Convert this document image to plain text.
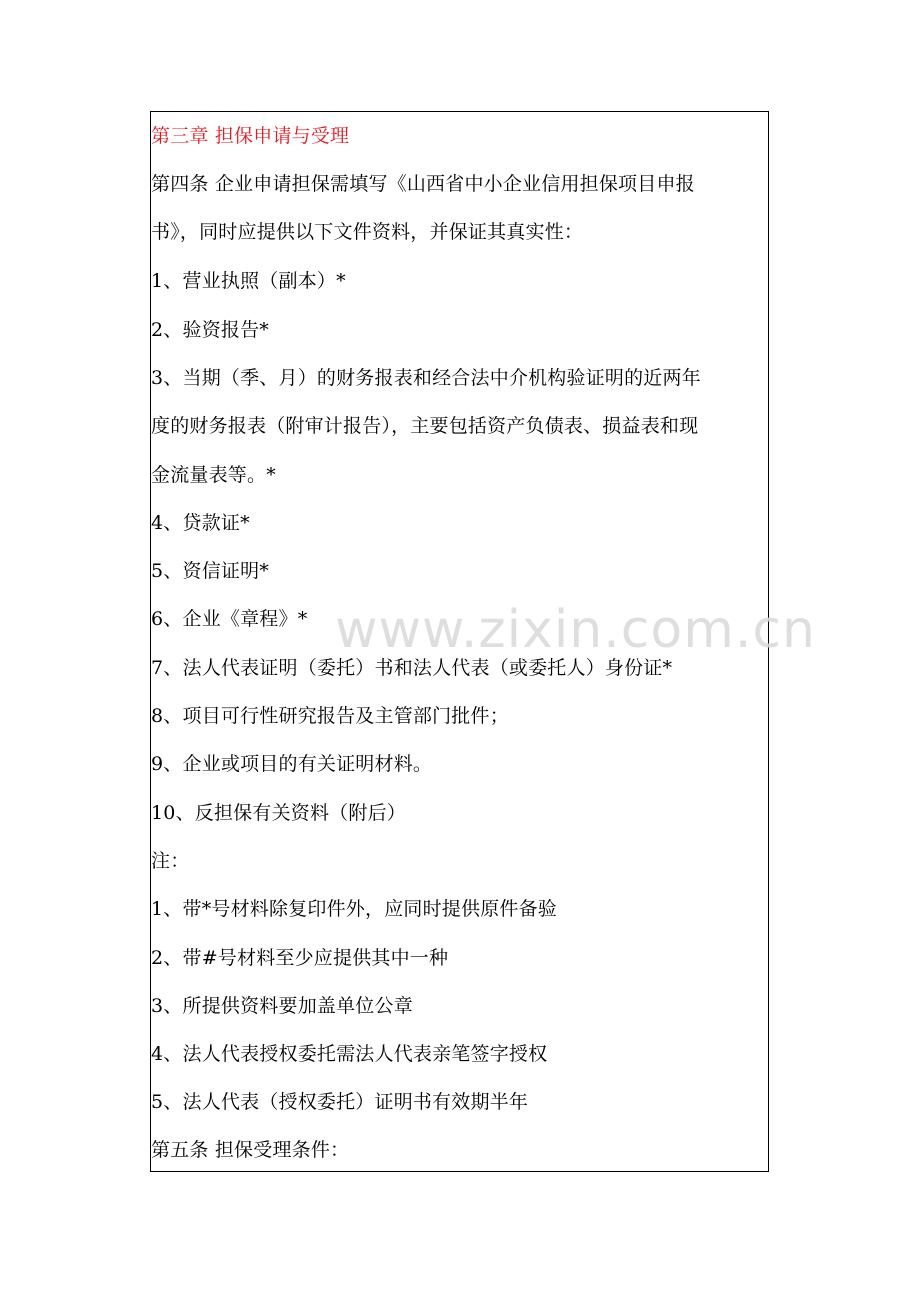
第三章 担保申请与受理
第四条 企业申请担保需填写《山西省中小企业信用担保项目申报
书》，同时应提供以下文件资料，并保证其真实性：
1、营业执照（副本）*
2、验资报告*
3、当期（季、月）的财务报表和经合法中介机构验证明的近两年
度的财务报表（附审计报告），主要包括资产负债表、损益表和现
金流量表等。*
4、贷款证*
5、资信证明*
6、企业《章程》*
7、法人代表证明（委托）书和法人代表（或委托人）身份证*
8、项目可行性研究报告及主管部门批件；
9、企业或项目的有关证明材料。
10、反担保有关资料（附后）
注：
1、带*号材料除复印件外，应同时提供原件备验
2、带#号材料至少应提供其中一种
3、所提供资料要加盖单位公章
4、法人代表授权委托需法人代表亲笔签字授权
5、法人代表（授权委托）证明书有效期半年
第五条 担保受理条件：
www.zixin.com.cn
